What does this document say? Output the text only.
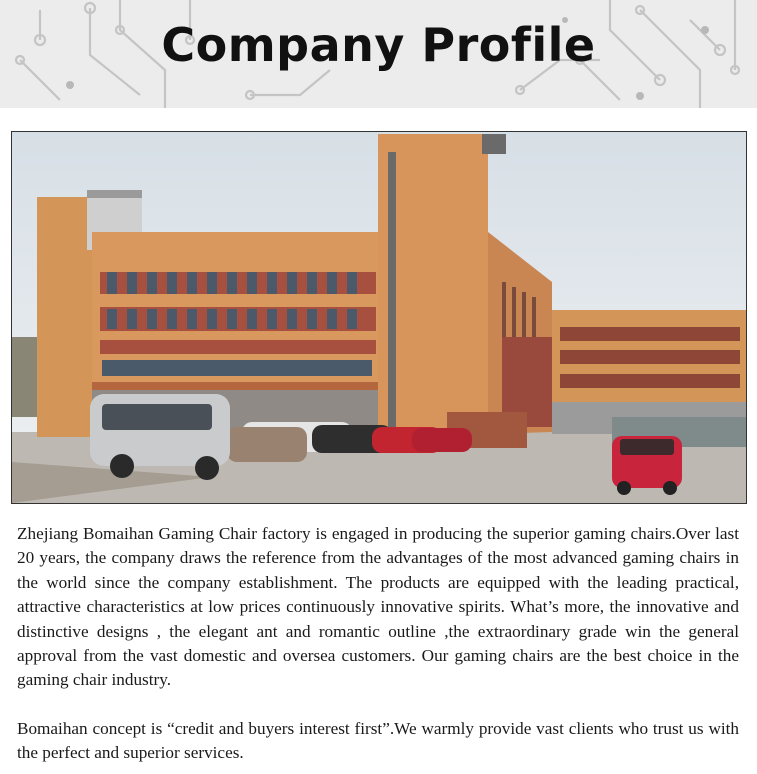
Company Profile

Zhejiang Bomaihan Gaming Chair factory is engaged in producing the superior gaming chairs.Over last 20 years, the company draws the reference from the advantages of the most advanced gaming chairs in the world since the company establishment. The products are equipped with the leading practical, attractive characteristics at low prices continuously innovative spirits. What’s more, the innovative and distinctive designs , the elegant ant and romantic outline ,the extraordinary grade win the general approval from the vast domestic and oversea customers. Our gaming chairs are the best choice in the gaming chair industry.

Bomaihan concept is “credit and buyers interest first”.We warmly provide vast clients who trust us with the perfect and superior services.
